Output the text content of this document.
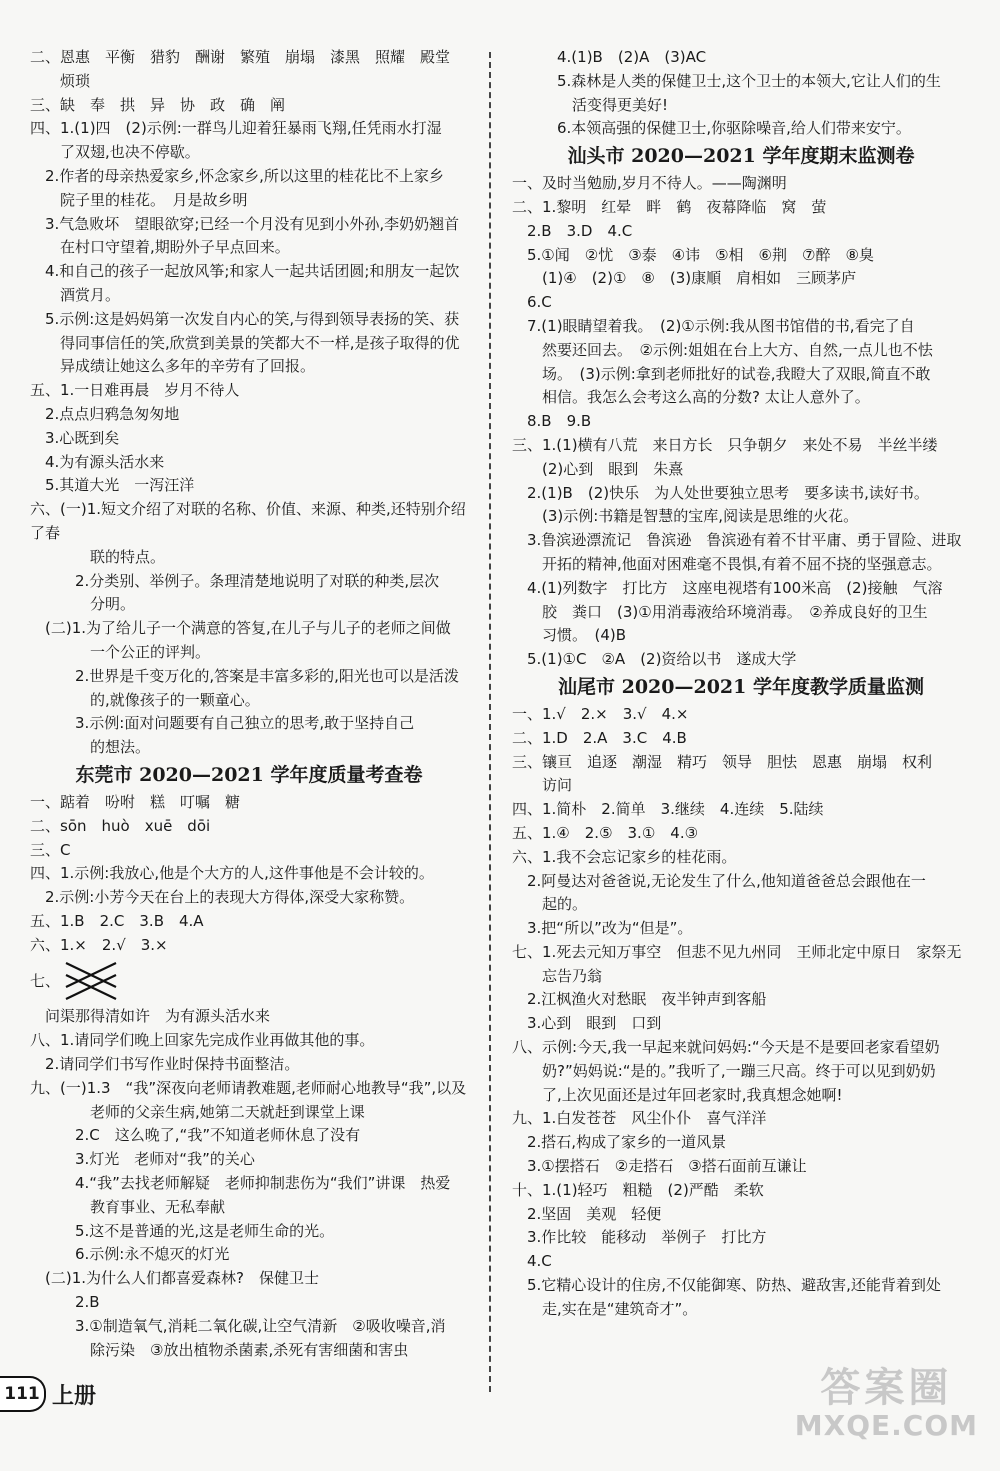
二、恩惠　平衡　猎豹　酬谢　繁殖　崩塌　漆黑　照耀　殿堂
　　烦琐
三、缺　奉　拱　异　协　政　确　阐
四、1.(1)四　(2)示例:一群鸟儿迎着狂暴雨飞翔,任凭雨水打湿
　　了双翅,也决不停歇。
　2.作者的母亲热爱家乡,怀念家乡,所以这里的桂花比不上家乡
　　院子里的桂花。　月是故乡明
　3.气急败坏　望眼欲穿;已经一个月没有见到小外孙,李奶奶翘首
　　在村口守望着,期盼外子早点回来。
　4.和自己的孩子一起放风筝;和家人一起共话团圆;和朋友一起饮
　　酒赏月。
　5.示例:这是妈妈第一次发自内心的笑,与得到领导表扬的笑、获
　　得同事信任的笑,欣赏到美景的笑都大不一样,是孩子取得的优
　　异成绩让她这么多年的辛劳有了回报。
五、1.一日难再晨　岁月不待人
　2.点点归鸦急匆匆地
　3.心既到矣
　4.为有源头活水来
　5.其道大光　一泻汪洋
六、(一)1.短文介绍了对联的名称、价值、来源、种类,还特别介绍了春
　　　　联的特点。
　　　2.分类别、举例子。条理清楚地说明了对联的种类,层次
　　　　分明。
　(二)1.为了给儿子一个满意的答复,在儿子与儿子的老师之间做
　　　　一个公正的评判。
　　　2.世界是千变万化的,答案是丰富多彩的,阳光也可以是活泼
　　　　的,就像孩子的一颗童心。
　　　3.示例:面对问题要有自己独立的思考,敢于坚持自己
　　　　的想法。
东莞市 2020—2021 学年度质量考查卷
一、踮着　吩咐　糕　叮嘱　糖
二、sōn　huò　xuē　dōi
三、C
四、1.示例:我放心,他是个大方的人,这件事他是不会计较的。
　2.示例:小芳今天在台上的表现大方得体,深受大家称赞。
五、1.B　2.C　3.B　4.A
六、1.×　2.√　3.×
七、
　问渠那得清如许　为有源头活水来
八、1.请同学们晚上回家先完成作业再做其他的事。
　2.请同学们书写作业时保持书面整洁。
九、(一)1.3　“我”深夜向老师请教难题,老师耐心地教导“我”,以及
　　　　老师的父亲生病,她第二天就赶到课堂上课
　　　2.C　这么晚了,“我”不知道老师休息了没有
　　　3.灯光　老师对“我”的关心
　　　4.“我”去找老师解疑　老师抑制悲伤为“我们”讲课　热爱
　　　　教育事业、无私奉献
　　　5.这不是普通的光,这是老师生命的光。
　　　6.示例:永不熄灭的灯光
　(二)1.为什么人们都喜爱森林?　保健卫士
　　　2.B
　　　3.①制造氧气,消耗二氧化碳,让空气清新　②吸收噪音,消
　　　　除污染　③放出植物杀菌素,杀死有害细菌和害虫
　　　4.(1)B　(2)A　(3)AC
　　　5.森林是人类的保健卫士,这个卫士的本领大,它让人们的生
　　　　活变得更美好!
　　　6.本领高强的保健卫士,你驱除噪音,给人们带来安宁。
汕头市 2020—2021 学年度期末监测卷
一、及时当勉励,岁月不待人。——陶渊明
二、1.黎明　红晕　畔　鹤　夜幕降临　窝　萤
　2.B　3.D　4.C
　5.①闻　②忧　③泰　④讳　⑤相　⑥荆　⑦醉　⑧臭
　　(1)④　(2)①　⑧　(3)康順　肩相如　三顾茅庐
　6.C
　7.(1)眼睛望着我。　(2)①示例:我从图书馆借的书,看完了自
　　然要还回去。　②示例:姐姐在台上大方、自然,一点儿也不怯
　　场。　(3)示例:拿到老师批好的试卷,我瞪大了双眼,简直不敢
　　相信。我怎么会考这么高的分数? 太让人意外了。
　8.B　9.B
三、1.(1)横有八荒　来日方长　只争朝夕　来处不易　半丝半缕
　　(2)心到　眼到　朱熹
　2.(1)B　(2)快乐　为人处世要独立思考　要多读书,读好书。
　　(3)示例:书籍是智慧的宝库,阅读是思维的火花。
　3.鲁滨逊漂流记　鲁滨逊　鲁滨逊有着不甘平庸、勇于冒险、进取
　　开拓的精神,他面对困难毫不畏惧,有着不屈不挠的坚强意志。
　4.(1)列数字　打比方　这座电视塔有100米高　(2)接触　气溶
　　胶　粪口　(3)①用消毒液给环境消毒。　②养成良好的卫生
　　习惯。　(4)B
　5.(1)①C　②A　(2)资给以书　遂成大学
汕尾市 2020—2021 学年度教学质量监测
一、1.√　2.×　3.√　4.×
二、1.D　2.A　3.C　4.B
三、镶亘　追逐　潮湿　精巧　领导　胆怯　恩惠　崩塌　权利
　　访问
四、1.简朴　2.简单　3.继续　4.连续　5.陆续
五、1.④　2.⑤　3.①　4.③
六、1.我不会忘记家乡的桂花雨。
　2.阿曼达对爸爸说,无论发生了什么,他知道爸爸总会跟他在一
　　起的。
　3.把“所以”改为“但是”。
七、1.死去元知万事空　但悲不见九州同　王师北定中原日　家祭无
　　忘告乃翁
　2.江枫渔火对愁眠　夜半钟声到客船
　3.心到　眼到　口到
八、示例:今天,我一早起来就问妈妈:“今天是不是要回老家看望奶
　　奶?”妈妈说:“是的。”我听了,一蹦三尺高。终于可以见到奶奶
　　了,上次见面还是过年回老家时,我真想念她啊!
九、1.白发苍苍　风尘仆仆　喜气洋洋
　2.搭石,构成了家乡的一道风景
　3.①摆搭石　②走搭石　③搭石面前互谦让
十、1.(1)轻巧　粗糙　(2)严酷　柔软
　2.坚固　美观　轻便
　3.作比较　能移动　举例子　打比方
　4.C
　5.它精心设计的住房,不仅能御寒、防热、避敌害,还能背着到处
　　走,实在是“建筑奇才”。
111 上册	答案圈
MXQE.COM
